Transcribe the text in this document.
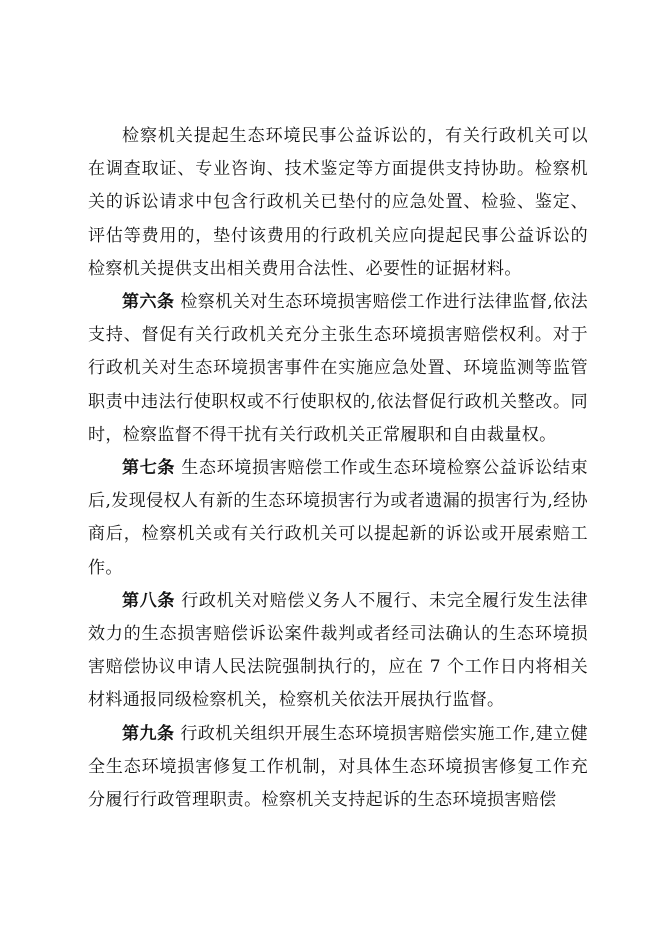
检察机关提起生态环境民事公益诉讼的，有关行政机关可以在调查取证、专业咨询、技术鉴定等方面提供支持协助。检察机关的诉讼请求中包含行政机关已垫付的应急处置、检验、鉴定、评估等费用的，垫付该费用的行政机关应向提起民事公益诉讼的检察机关提供支出相关费用合法性、必要性的证据材料。

第六条 检察机关对生态环境损害赔偿工作进行法律监督,依法支持、督促有关行政机关充分主张生态环境损害赔偿权利。对于行政机关对生态环境损害事件在实施应急处置、环境监测等监管职责中违法行使职权或不行使职权的,依法督促行政机关整改。同时，检察监督不得干扰有关行政机关正常履职和自由裁量权。

第七条 生态环境损害赔偿工作或生态环境检察公益诉讼结束后,发现侵权人有新的生态环境损害行为或者遗漏的损害行为,经协商后，检察机关或有关行政机关可以提起新的诉讼或开展索赔工作。

第八条 行政机关对赔偿义务人不履行、未完全履行发生法律效力的生态损害赔偿诉讼案件裁判或者经司法确认的生态环境损害赔偿协议申请人民法院强制执行的，应在 7 个工作日内将相关材料通报同级检察机关，检察机关依法开展执行监督。

第九条 行政机关组织开展生态环境损害赔偿实施工作,建立健全生态环境损害修复工作机制，对具体生态环境损害修复工作充分履行行政管理职责。检察机关支持起诉的生态环境损害赔偿
